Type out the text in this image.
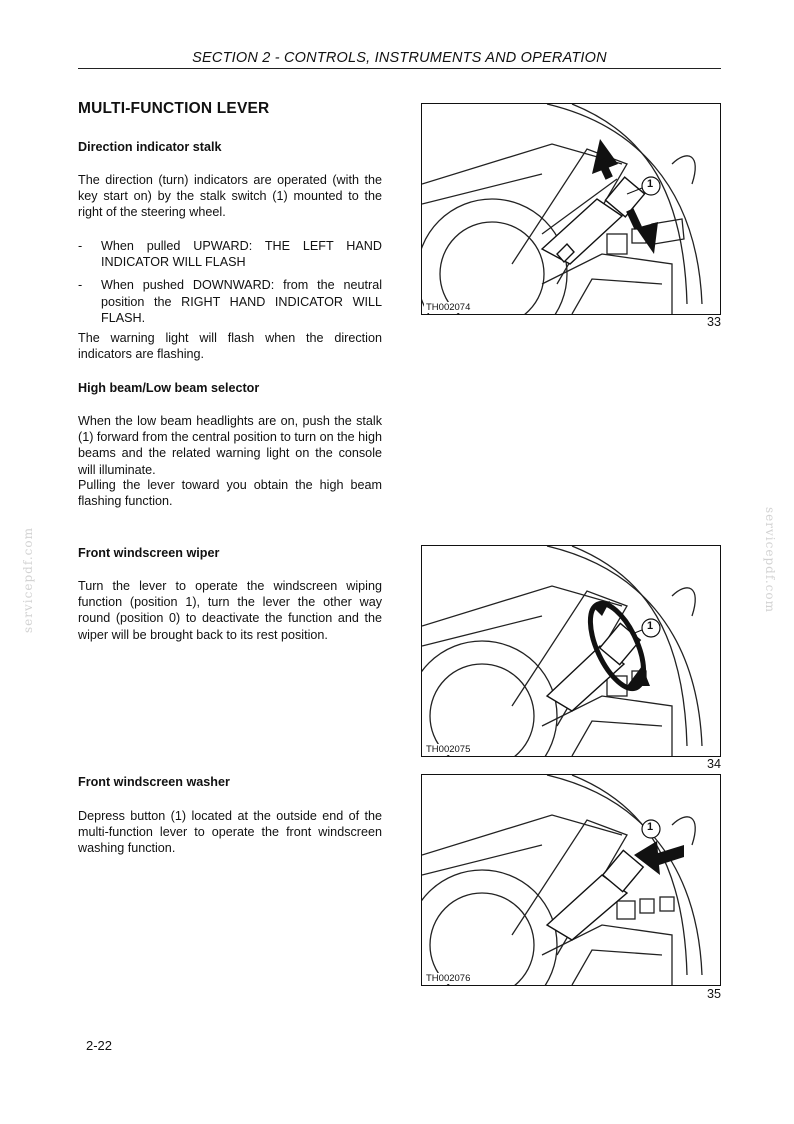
SECTION 2 - CONTROLS, INSTRUMENTS AND OPERATION
MULTI-FUNCTION LEVER
Direction indicator stalk
The direction (turn) indicators are operated (with the key start on) by the stalk switch (1) mounted to the right of the steering wheel.
-	When pulled UPWARD: THE LEFT HAND INDICATOR WILL FLASH
-	When pushed DOWNWARD: from the neutral position the RIGHT HAND INDICATOR WILL FLASH.
The warning light will flash when the direction indicators are flashing.
High beam/Low beam selector
When the low beam headlights are on, push the stalk (1) forward from the central position to turn on the high beams and the related warning light on the console will illuminate.
Pulling the lever toward you obtain the high beam flashing function.
Front windscreen wiper
Turn the lever to operate the windscreen wiping function (position 1), turn the lever the other way round (position 0) to deactivate the function and the wiper will be brought back to its rest position.
Front windscreen washer
Depress button (1) located at the outside end of the multi-function lever to operate the front windscreen washing function.
1
TH002074
33
1
TH002075
34
1
TH002076
35
servicepdf.com	servicepdf.com
2-22
